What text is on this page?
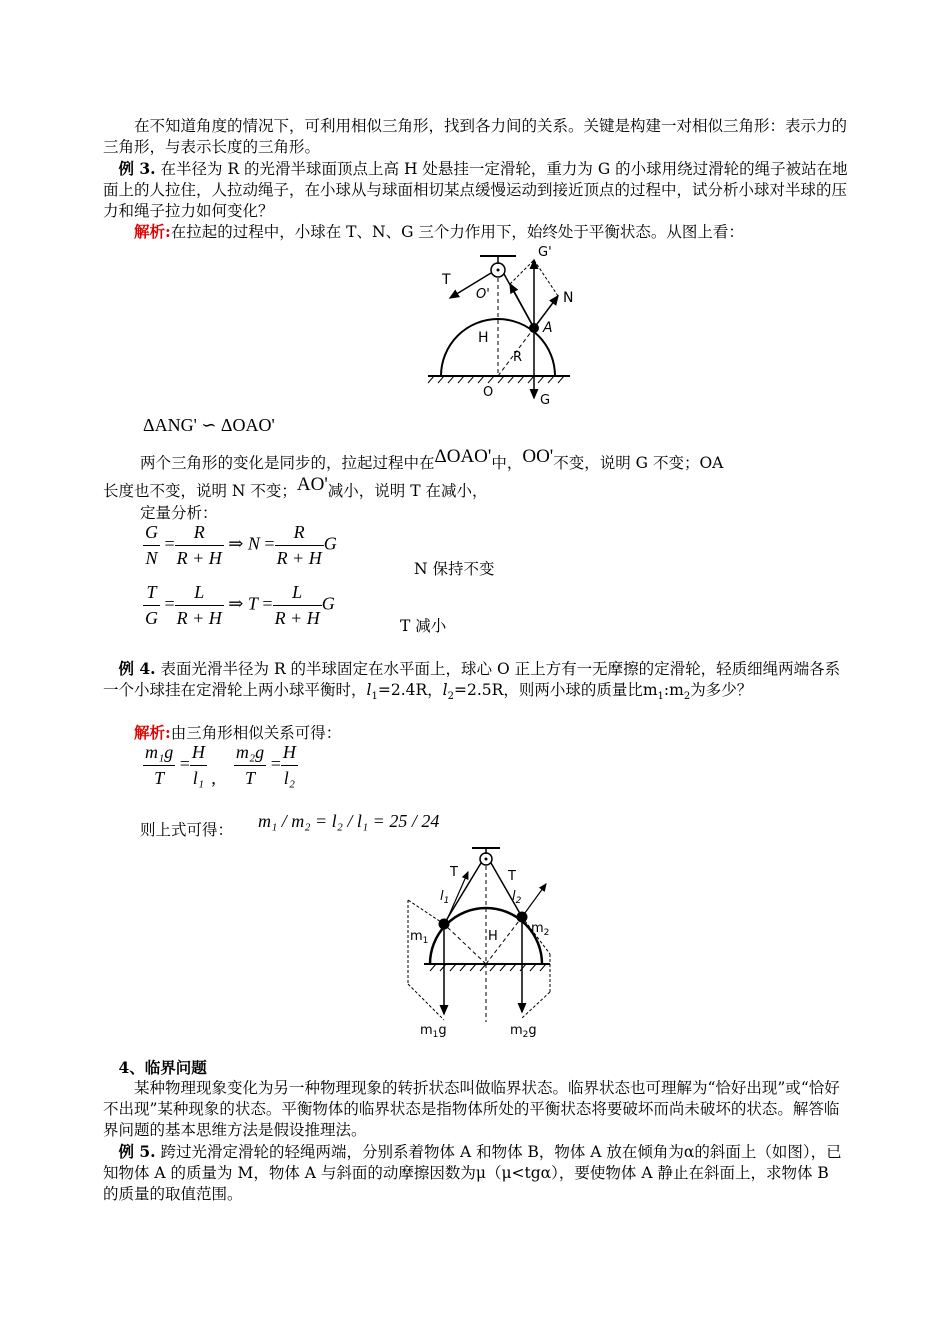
在不知道角度的情况下，可利用相似三角形，找到各力间的关系。关键是构建一对相似三角形：表示力的三角形，与表示长度的三角形。
例 3. 在半径为 R 的光滑半球面顶点上高 H 处悬挂一定滑轮，重力为 G 的小球用绕过滑轮的绳子被站在地面上的人拉住，人拉动绳子，在小球从与球面相切某点缓慢运动到接近顶点的过程中，试分析小球对半球的压力和绳子拉力如何变化？
解析:在拉起的过程中，小球在 T、N、G 三个力作用下，始终处于平衡状态。从图上看：
T
O'
G'
N
A
H
R
O
G
ΔANG' ∽ ΔOAO'
两个三角形的变化是同步的，拉起过程中在ΔOAO'中，OO'不变，说明 G 不变；OA
长度也不变，说明 N 不变；AO'减小，说明 T 在减小，
定量分析：
$\frac{G}{N} = \frac{R}{R + H}$ ⇒ $N = \frac{R}{R + H}$ G
N 保持不变
$\frac{T}{G} = \frac{L}{R + H}$ ⇒ $T = \frac{L}{R + H}$ G
T 减小
例 4. 表面光滑半径为 R 的半球固定在水平面上，球心 O 正上方有一无摩擦的定滑轮，轻质细绳两端各系一个小球挂在定滑轮上两小球平衡时，$l_1=2.4R$，$l_2=2.5R$，则两小球的质量比$m_1:m_2$为多少？
解析:由三角形相似关系可得：
$\frac{\text{m₁g}}{T} = \frac{H}{\text{l₁}}$ , $\frac{\text{m₂g}}{T} = \frac{H}{\text{l₂}}$
则上式可得： m₁ / m₂ = l₂ / l₁ = 25 / 24
T	T
$l_1$	$l_2$
$m_1$
$m_2$
H
$m_1g$	$m_2g$
4、临界问题
某种物理现象变化为另一种物理现象的转折状态叫做临界状态。临界状态也可理解为“恰好出现”或“恰好不出现”某种现象的状态。平衡物体的临界状态是指物体所处的平衡状态将要破坏而尚未破坏的状态。解答临界问题的基本思维方法是假设推理法。
例 5. 跨过光滑定滑轮的轻绳两端，分别系着物体 A 和物体 B，物体 A 放在倾角为α的斜面上（如图），已知物体 A 的质量为 M，物体 A 与斜面的动摩擦因数为μ（μ<tgα），要使物体 A 静止在斜面上，求物体 B 的质量的取值范围。
